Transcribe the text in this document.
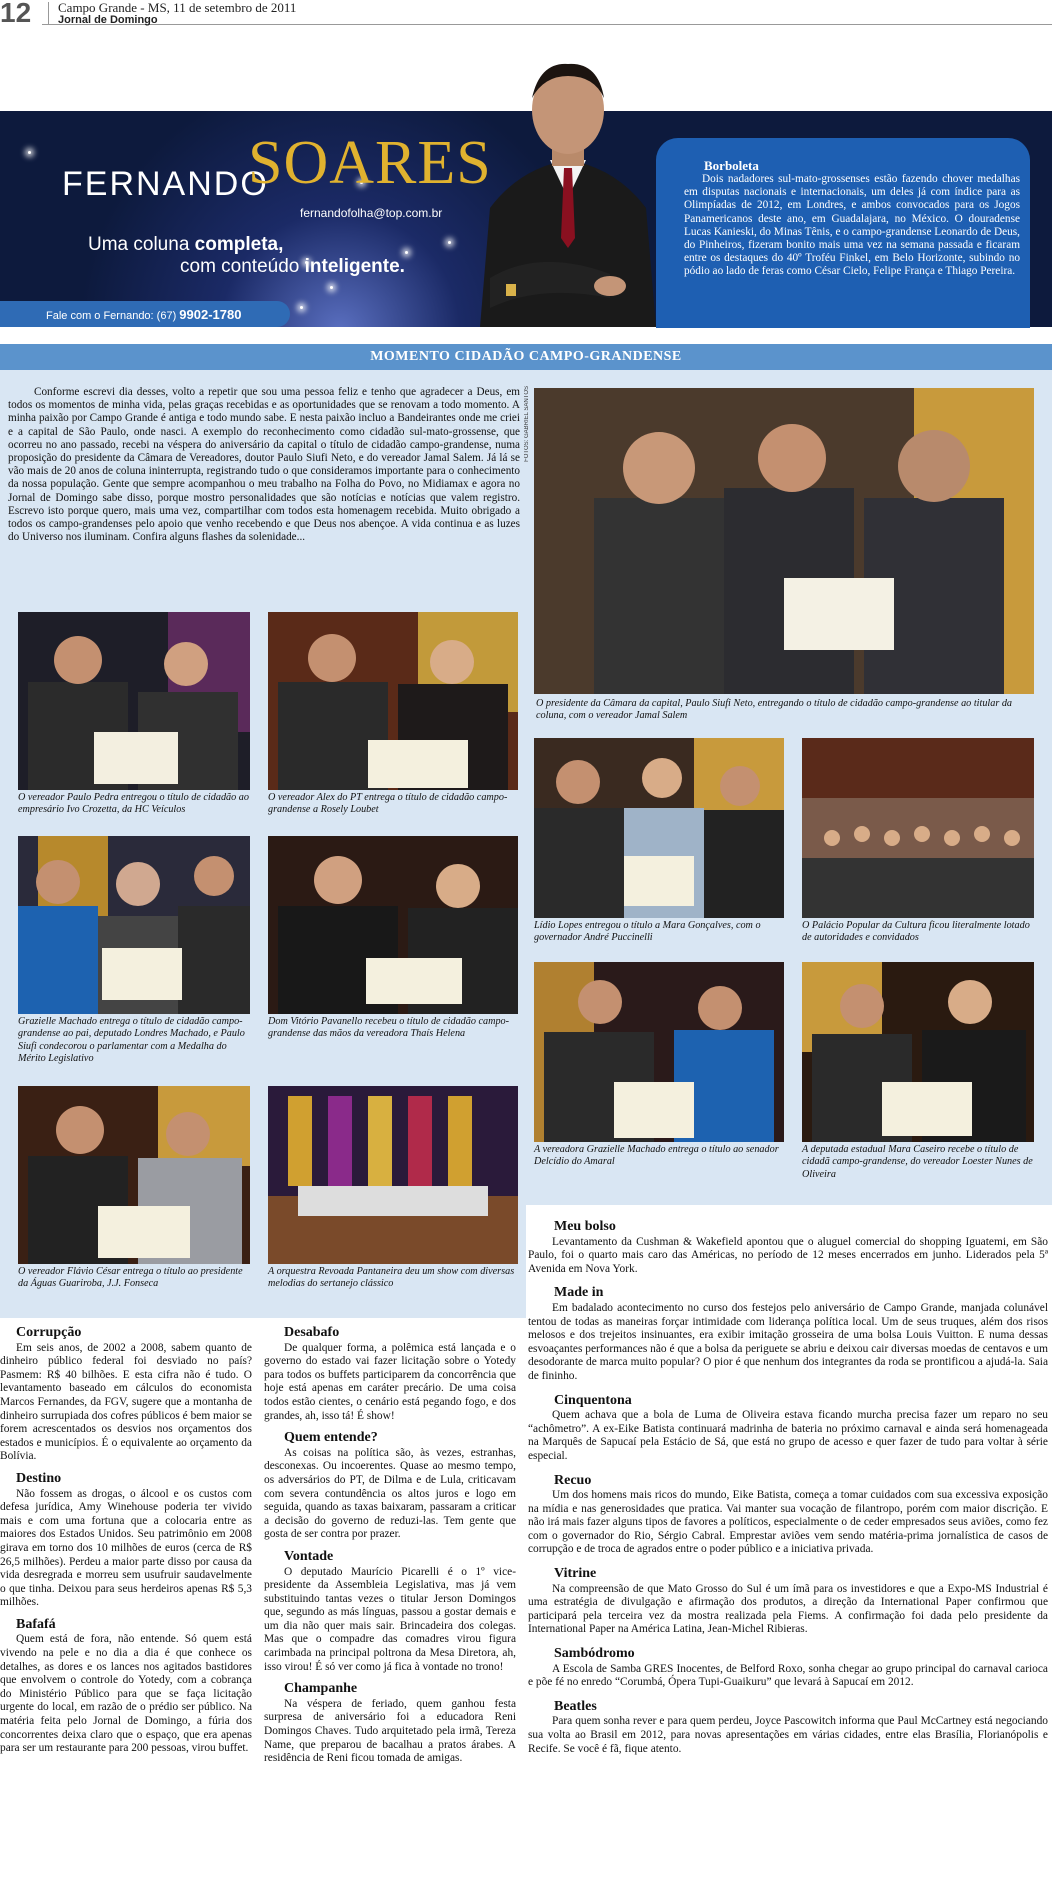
12 Campo Grande - MS, 11 de setembro de 2011
Jornal de Domingo
FERNANDO
SOARES
fernandofolha@top.com.br
Uma coluna completa,
com conteúdo inteligente.
Fale com o Fernando: (67) 9902-1780
Borboleta
Dois nadadores sul-mato-grossenses estão fazendo chover medalhas em disputas nacionais e internacionais, um deles já com índice para as Olimpíadas de 2012, em Londres, e ambos convocados para os Jogos Panamericanos deste ano, em Guadalajara, no México. O douradense Lucas Kanieski, do Minas Tênis, e o campo-grandense Leonardo de Deus, do Pinheiros, fizeram bonito mais uma vez na semana passada e ficaram entre os destaques do 40º Troféu Finkel, em Belo Horizonte, subindo no pódio ao lado de feras como César Cielo, Felipe França e Thiago Pereira.
MOMENTO CIDADÃO CAMPO-GRANDENSE
Conforme escrevi dia desses, volto a repetir que sou uma pessoa feliz e tenho que agradecer a Deus, em todos os momentos de minha vida, pelas graças recebidas e as oportunidades que se renovam a todo momento. A minha paixão por Campo Grande é antiga e todo mundo sabe. E nesta paixão incluo a Bandeirantes onde me criei e a capital de São Paulo, onde nasci. A exemplo do reconhecimento como cidadão sul-mato-grossense, que ocorreu no ano passado, recebi na véspera do aniversário da capital o título de cidadão campo-grandense, numa proposição do presidente da Câmara de Vereadores, doutor Paulo Siufi Neto, e do vereador Jamal Salem. Já lá se vão mais de 20 anos de coluna ininterrupta, registrando tudo o que consideramos importante para o conhecimento da nossa população. Gente que sempre acompanhou o meu trabalho na Folha do Povo, no Midiamax e agora no Jornal de Domingo sabe disso, porque mostro personalidades que são notícias e notícias que valem registro. Escrevo isto porque quero, mais uma vez, compartilhar com todos esta homenagem recebida. Muito obrigado a todos os campo-grandenses pelo apoio que venho recebendo e que Deus nos abençoe. A vida continua e as luzes do Universo nos iluminam. Confira alguns flashes da solenidade...
FOTOS: GABRIEL SANTOS
O presidente da Câmara da capital, Paulo Siufi Neto, entregando o título de cidadão campo-grandense ao titular da coluna, com o vereador Jamal Salem
O vereador Paulo Pedra entregou o título de cidadão ao empresário Ivo Crozetta, da HC Veículos
O vereador Alex do PT entrega o título de cidadão campo-grandense a Rosely Loubet
Grazielle Machado entrega o título de cidadão campo-grandense ao pai, deputado Londres Machado, e Paulo Siufi condecorou o parlamentar com a Medalha do Mérito Legislativo
Dom Vitório Pavanello recebeu o título de cidadão campo-grandense das mãos da vereadora Thaís Helena
O vereador Flávio César entrega o título ao presidente da Águas Guariroba, J.J. Fonseca
A orquestra Revoada Pantaneira deu um show com diversas melodias do sertanejo clássico
Lídio Lopes entregou o título a Mara Gonçalves, com o governador André Puccinelli
O Palácio Popular da Cultura ficou literalmente lotado de autoridades e convidados
A vereadora Grazielle Machado entrega o título ao senador Delcídio do Amaral
A deputada estadual Mara Caseiro recebe o título de cidadã campo-grandense, do vereador Loester Nunes de Oliveira
Corrupção

Em seis anos, de 2002 a 2008, sabem quanto de dinheiro público federal foi desviado no país? Pasmem: R$ 40 bilhões. E esta cifra não é tudo. O levantamento baseado em cálculos do economista Marcos Fernandes, da FGV, sugere que a montanha de dinheiro surrupiada dos cofres públicos é bem maior se forem acrescentados os desvios nos orçamentos dos estados e municípios. É o equivalente ao orçamento da Bolívia.

Destino

Não fossem as drogas, o álcool e os custos com defesa jurídica, Amy Winehouse poderia ter vivido mais e com uma fortuna que a colocaria entre as maiores dos Estados Unidos. Seu patrimônio em 2008 girava em torno dos 10 milhões de euros (cerca de R$ 26,5 milhões). Perdeu a maior parte disso por causa da vida desregrada e morreu sem usufruir saudavelmente o que tinha. Deixou para seus herdeiros apenas R$ 5,3 milhões.

Bafafá

Quem está de fora, não entende. Só quem está vivendo na pele e no dia a dia é que conhece os detalhes, as dores e os lances nos agitados bastidores que envolvem o controle do Yotedy, com a cobrança do Ministério Público para que se faça licitação urgente do local, em razão de o prédio ser público. Na matéria feita pelo Jornal de Domingo, a fúria dos concorrentes deixa claro que o espaço, que era apenas para ser um restaurante para 200 pessoas, virou buffet.

Desabafo

De qualquer forma, a polêmica está lançada e o governo do estado vai fazer licitação sobre o Yotedy para todos os buffets participarem da concorrência que hoje está apenas em caráter precário. De uma coisa todos estão cientes, o cenário está pegando fogo, e dos grandes, ah, isso tá! É show!

Quem entende?

As coisas na política são, às vezes, estranhas, desconexas. Ou incoerentes. Quase ao mesmo tempo, os adversários do PT, de Dilma e de Lula, criticavam com severa contundência os altos juros e logo em seguida, quando as taxas baixaram, passaram a criticar a decisão do governo de reduzi-las. Tem gente que gosta de ser contra por prazer.

Vontade

O deputado Maurício Picarelli é o 1º vice-presidente da Assembleia Legislativa, mas já vem substituindo tantas vezes o titular Jerson Domingos que, segundo as más línguas, passou a gostar demais e um dia não quer mais sair. Brincadeira dos colegas. Mas que o compadre das comadres virou figura carimbada na principal poltrona da Mesa Diretora, ah, isso virou! É só ver como já fica à vontade no trono!

Champanhe

Na véspera de feriado, quem ganhou festa surpresa de aniversário foi a educadora Reni Domingos Chaves. Tudo arquitetado pela irmã, Tereza Name, que preparou de bacalhau a pratos árabes. A residência de Reni ficou tomada de amigas.

Meu bolso

Levantamento da Cushman & Wakefield apontou que o aluguel comercial do shopping Iguatemi, em São Paulo, foi o quarto mais caro das Américas, no período de 12 meses encerrados em junho. Liderados pela 5ª Avenida em Nova York.

Made in

Em badalado acontecimento no curso dos festejos pelo aniversário de Campo Grande, manjada colunável tentou de todas as maneiras forçar intimidade com liderança política local. Um de seus truques, além dos risos melosos e dos trejeitos insinuantes, era exibir imitação grosseira de uma bolsa Louis Vuitton. E numa dessas esvoaçantes performances não é que a bolsa da periguete se abriu e deixou cair diversas moedas de centavos e um desodorante de marca muito popular? O pior é que nenhum dos integrantes da roda se prontificou a ajudá-la. Saia de fininho.

Cinquentona

Quem achava que a bola de Luma de Oliveira estava ficando murcha precisa fazer um reparo no seu “achômetro”. A ex-Eike Batista continuará madrinha de bateria no próximo carnaval e ainda será homenageada na Marquês de Sapucaí pela Estácio de Sá, que está no grupo de acesso e quer fazer de tudo para voltar à série especial.

Recuo

Um dos homens mais ricos do mundo, Eike Batista, começa a tomar cuidados com sua excessiva exposição na mídia e nas generosidades que pratica. Vai manter sua vocação de filantropo, porém com maior discrição. E não irá mais fazer alguns tipos de favores a políticos, especialmente o de ceder empresados seus aviões, como fez com o governador do Rio, Sérgio Cabral. Emprestar aviões vem sendo matéria-prima jornalística de casos de corrupção e de troca de agrados entre o poder público e a iniciativa privada.

Vitrine

Na compreensão de que Mato Grosso do Sul é um ímã para os investidores e que a Expo-MS Industrial é uma estratégia de divulgação e afirmação dos produtos, a direção da International Paper confirmou que participará pela terceira vez da mostra realizada pela Fiems. A confirmação foi dada pelo presidente da International Paper na América Latina, Jean-Michel Ribieras.

Sambódromo

A Escola de Samba GRES Inocentes, de Belford Roxo, sonha chegar ao grupo principal do carnaval carioca e põe fé no enredo “Corumbá, Ópera Tupi-Guaikuru” que levará à Sapucaí em 2012.

Beatles

Para quem sonha rever e para quem perdeu, Joyce Pascowitch informa que Paul McCartney está negociando sua volta ao Brasil em 2012, para novas apresentações em várias cidades, entre elas Brasília, Florianópolis e Recife. Se você é fã, fique atento.
